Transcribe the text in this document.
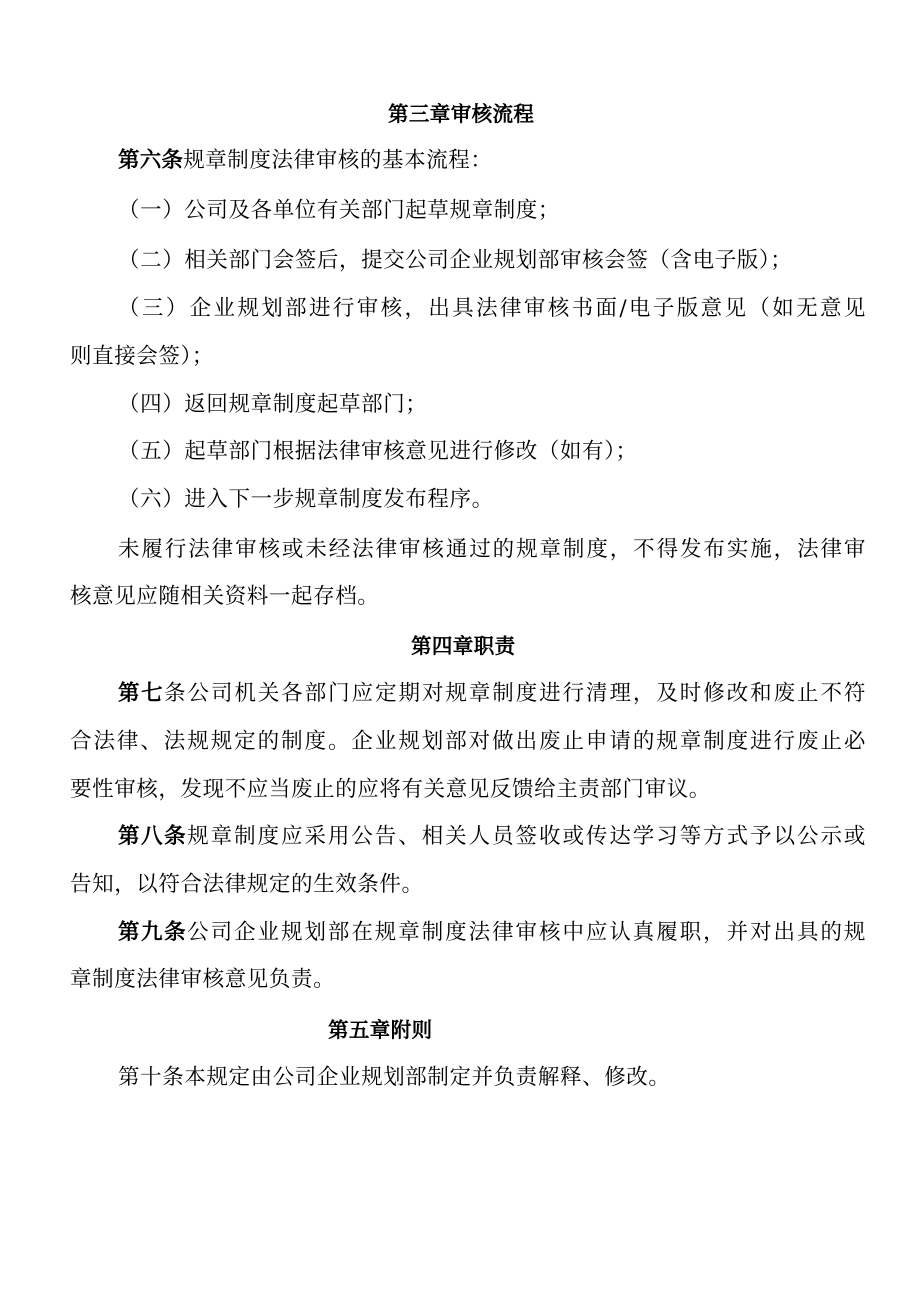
第三章审核流程
第六条规章制度法律审核的基本流程：
（一）公司及各单位有关部门起草规章制度；
（二）相关部门会签后，提交公司企业规划部审核会签（含电子版）；
（三）企业规划部进行审核，出具法律审核书面/电子版意见（如无意见
则直接会签）；
（四）返回规章制度起草部门；
（五）起草部门根据法律审核意见进行修改（如有）；
（六）进入下一步规章制度发布程序。
未履行法律审核或未经法律审核通过的规章制度，不得发布实施，法律审
核意见应随相关资料一起存档。
第四章职责
第七条公司机关各部门应定期对规章制度进行清理，及时修改和废止不符
合法律、法规规定的制度。企业规划部对做出废止申请的规章制度进行废止必
要性审核，发现不应当废止的应将有关意见反馈给主责部门审议。
第八条规章制度应采用公告、相关人员签收或传达学习等方式予以公示或
告知，以符合法律规定的生效条件。
第九条公司企业规划部在规章制度法律审核中应认真履职，并对出具的规
章制度法律审核意见负责。
第五章附则
第十条本规定由公司企业规划部制定并负责解释、修改。
